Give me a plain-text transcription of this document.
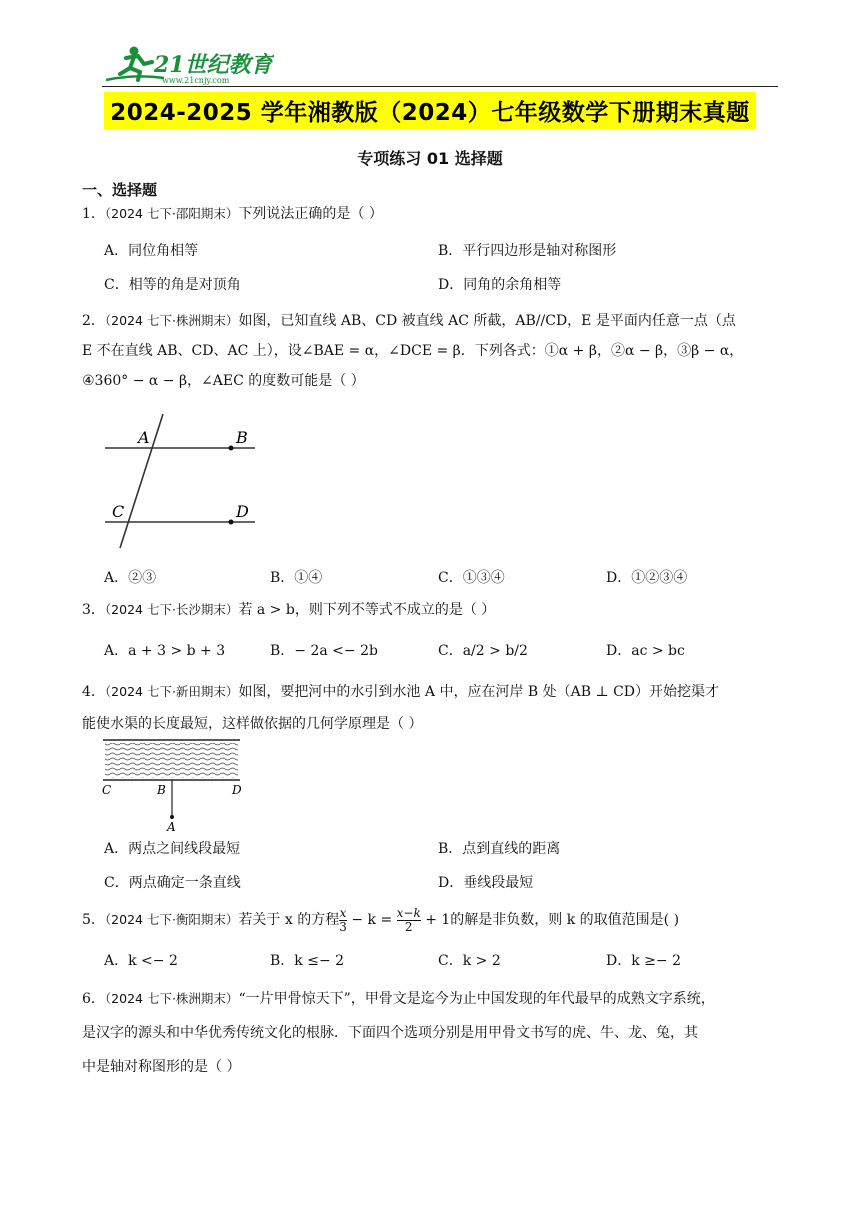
21世纪教育
www.21cnjy.com
2024-2025 学年湘教版（2024）七年级数学下册期末真题
专项练习 01 选择题
一、选择题
1．（2024 七下·邵阳期末）下列说法正确的是（ ）
A．同位角相等	B．平行四边形是轴对称图形
C．相等的角是对顶角	D．同角的余角相等
2．（2024 七下·株洲期末）如图，已知直线 AB、CD 被直线 AC 所截，AB//CD，E 是平面内任意一点（点
E 不在直线 AB、CD、AC 上），设∠BAE = α，∠DCE = β．下列各式：①α + β，②α − β，③β − α，
④360° − α − β，∠AEC 的度数可能是（ ）
A	B
C	D
A．②③	B．①④	C．①③④	D．①②③④
3．（2024 七下·长沙期末）若 a > b，则下列不等式不成立的是（ ）
A．a + 3 > b + 3	B．− 2a <− 2b	C．a/2 > b/2	D．ac > bc
4．（2024 七下·新田期末）如图，要把河中的水引到水池 A 中，应在河岸 B 处（AB ⊥ CD）开始挖渠才
能使水渠的长度最短，这样做依据的几何学原理是（ ）
C	B	D
A
A．两点之间线段最短	B．点到直线的距离
C．两点确定一条直线	D．垂线段最短
5．（2024 七下·衡阳期末）若关于 x 的方程 $\frac{x}{3} - k = \frac{x-k}{2} + 1$的解是非负数，则 k 的取值范围是( )
A．k <− 2	B．k ≤− 2	C．k > 2	D．k ≥− 2
6．（2024 七下·株洲期末）“一片甲骨惊天下”，甲骨文是迄今为止中国发现的年代最早的成熟文字系统，
是汉字的源头和中华优秀传统文化的根脉．下面四个选项分别是用甲骨文书写的虎、牛、龙、兔，其
中是轴对称图形的是（ ）
